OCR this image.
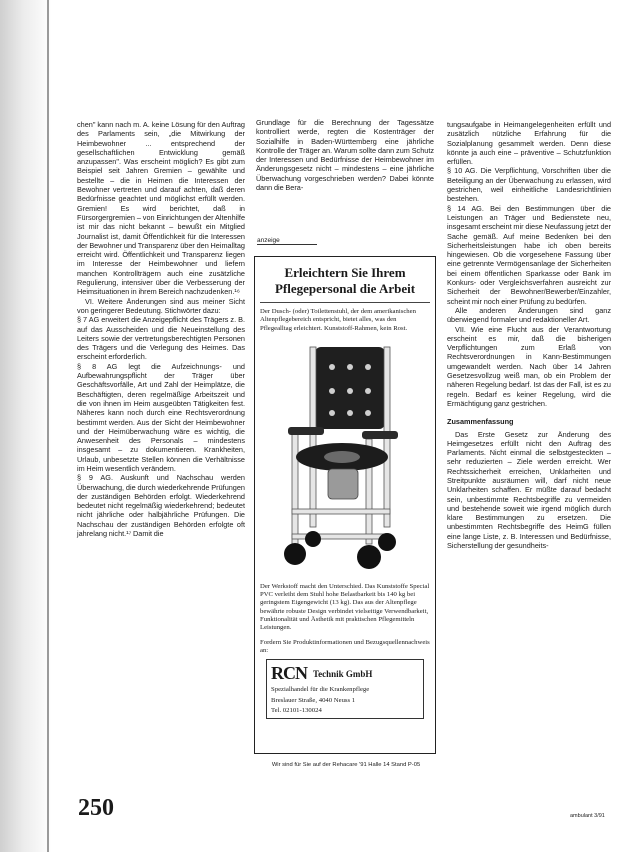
chen" kann nach m. A. keine Lösung für den Auftrag des Parlaments sein, „die Mitwirkung der Heimbewohner ... entsprechend der gesellschaftlichen Entwicklung gemäß anzupassen". Was erscheint möglich? Es gibt zum Beispiel seit Jahren Gremien – gewählte und bestellte – die in Heimen die Interessen der Bewohner vertreten und darauf achten, daß deren Bedürfnisse geachtet und möglichst erfüllt werden. Gremien! Es wird berichtet, daß in Fürsorgergremien – von Einrichtungen der Altenhilfe ist mir das nicht bekannt – bewußt ein Mitglied Journalist ist, damit Öffentlichkeit für die Interessen der Bewohner und Transparenz über den Heimalltag erreicht wird. Öffentlichkeit und Transparenz liegen im Interesse der Heimbewohner und liefern manchen Kontrollträgern auch eine zusätzliche Regulierung, intensiver über die Verbesserung der Heimsituationen in ihrem Bereich nachzudenken.¹⁶

VI. Weitere Änderungen sind aus meiner Sicht von geringerer Bedeutung. Stichwörter dazu:

§ 7 AG erweitert die Anzeigepflicht des Trägers z. B. auf das Ausscheiden und die Neueinstellung des Leiters sowie der vertretungsberechtigten Personen des Trägers und die Verlegung des Heimes. Das erscheint erforderlich.

§ 8 AG legt die Aufzeichnungs- und Aufbewahrungspflicht der Träger über Geschäftsvorfälle, Art und Zahl der Heimplätze, die Beschäftigten, deren regelmäßige Arbeitszeit und die von ihnen im Heim ausgeübten Tätigkeiten fest. Näheres kann noch durch eine Rechtsverordnung bestimmt werden. Aus der Sicht der Heimbewohner und der Heimüberwachung wäre es wichtig, die Anwesenheit des Personals – mindestens insgesamt – zu dokumentieren. Krankheiten, Urlaub, unbesetzte Stellen können die Verhältnisse im Heim wesentlich verändern.

§ 9 AG. Auskunft und Nachschau werden Überwachung, die durch wiederkehrende Prüfungen der zuständigen Behörden erfolgt. Wiederkehrend bedeutet nicht regelmäßig wiederkehrend; bedeutet nicht jährliche oder halbjährliche Prüfungen. Die Nachschau der zuständigen Behörden erfolgte oft jahrelang nicht.¹⁷ Damit die

Grundlage für die Berechnung der Tagessätze kontrolliert werde, regten die Kostenträger der Sozialhilfe in Baden-Württemberg eine jährliche Kontrolle der Träger an. Warum sollte dann zum Schutz der Interessen und Bedürfnisse der Heimbewohner im Änderungsgesetz nicht – mindestens – eine jährliche Überwachung vorgeschrieben werden? Dabei könnte dann die Bera-

anzeige
Erleichtern Sie Ihrem
Pflegepersonal die Arbeit
Der Dusch- (oder) Toilettenstuhl, der dem amerikanischen Altenpflegebereich entspricht, bietet alles, was den Pflegealltag erleichtert. Kunststoff-Rahmen, kein Rost.
Der Werkstoff macht den Unterschied. Das Kunststoffe Special PVC verleiht dem Stuhl hohe Belastbarkeit bis 140 kg bei geringstem Eigengewicht (13 kg). Das aus der Altenpflege bewährte robuste Design verbindet vielseitige Verwendbarkeit, Funktionalität und Ästhetik mit praktischen Pflegemitteln Leistungen.
Fordern Sie Produktinformationen und Bezugsquellennachweis an:
RCN Technik GmbH
Spezialhandel für die Krankenpflege
Breslauer Straße, 4040 Neuss 1
Tel. 02101-130024
Wir sind für Sie auf der Rehacare '91 Halle 14 Stand P-05

tungsaufgabe in Heimangelegenheiten erfüllt und zusätzlich nützliche Erfahrung für die Sozialplanung gesammelt werden. Denn diese könnte ja auch eine – präventive – Schutzfunktion erfüllen.

§ 10 AG. Die Verpflichtung, Vorschriften über die Beteiligung an der Überwachung zu erlassen, wird gestrichen, weil einheitliche Landesrichtlinien bestehen.

§ 14 AG. Bei den Bestimmungen über die Leistungen an Träger und Bedienstete neu, insgesamt erscheint mir diese Neufassung jetzt der Sache gemäß. Auf meine Bedenken bei den Sicherheitsleistungen habe ich oben bereits hingewiesen. Ob die vorgesehene Fassung über eine getrennte Vermögensanlage der Sicherheiten bei einem öffentlichen Sparkasse oder Bank im Konkurs- oder Vergleichsverfahren ausreicht zur Sicherheit der Bewohner/Bewerber/Einzahler, scheint mir noch einer Prüfung zu bedürfen.

Alle anderen Änderungen sind ganz überwiegend formaler und redaktioneller Art.

VII. Wie eine Flucht aus der Verantwortung erscheint es mir, daß die bisherigen Verpflichtungen zum Erlaß von Rechtsverordnungen in Kann-Bestimmungen umgewandelt werden. Nach über 14 Jahren Gesetzesvollzug weiß man, ob ein Problem der näheren Regelung bedarf. Ist das der Fall, ist es zu regeln. Bedarf es keiner Regelung, wird die Ermächtigung ganz gestrichen.

Zusammenfassung

Das Erste Gesetz zur Änderung des Heimgesetzes erfüllt nicht den Auftrag des Parlaments. Nicht einmal die selbstgesteckten – sehr reduzierten – Ziele werden erreicht. Wer Rechtssicherheit erreichen, Unklarheiten und Streitpunkte ausräumen will, darf nicht neue Unklarheiten schaffen. Er müßte darauf bedacht sein, unbestimmte Rechtsbegriffe zu vermeiden und bestehende soweit wie irgend möglich durch klare Bestimmungen zu ersetzen. Die unbestimmten Rechtsbegriffe des HeimG füllen eine lange Liste, z. B. Interessen und Bedürfnisse, Sicherstellung der gesundheits-

250	ambulant 3/91
